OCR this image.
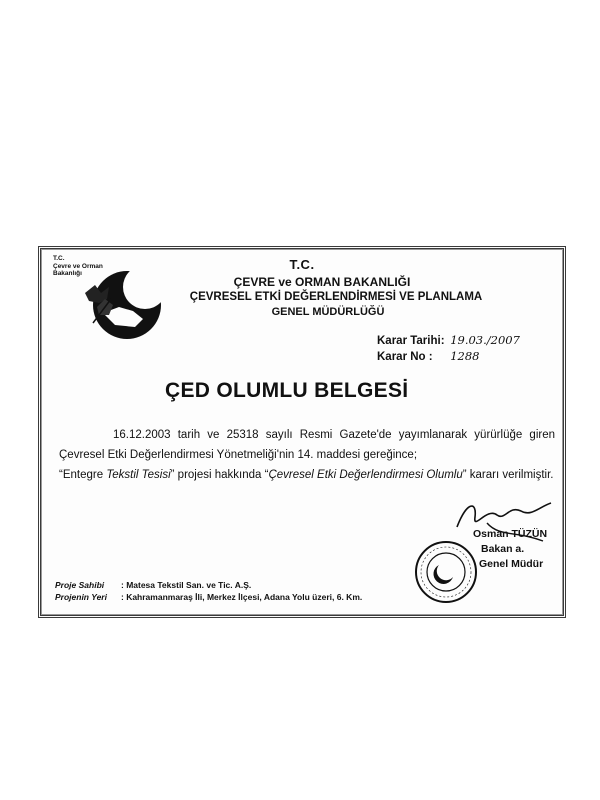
T.C.
Çevre ve Orman
Bakanlığı
T.C.
ÇEVRE ve ORMAN BAKANLIĞI
ÇEVRESEL ETKİ DEĞERLENDİRMESİ VE PLANLAMA
GENEL MÜDÜRLÜĞÜ
Karar Tarihi: 19.03./2007
Karar No : 1288
ÇED OLUMLU BELGESİ
16.12.2003 tarih ve 25318 sayılı Resmi Gazete'de yayımlanarak yürürlüğe giren Çevresel Etki Değerlendirmesi Yönetmeliği'nin 14. maddesi gereğince;
“Entegre Tekstil Tesisi” projesi hakkında “Çevresel Etki Değerlendirmesi Olumlu” kararı verilmiştir.
Osman TÜZÜN
Bakan a.
Genel Müdür
Proje Sahibi : Matesa Tekstil San. ve Tic. A.Ş.
Projenin Yeri : Kahramanmaraş İli, Merkez İlçesi, Adana Yolu üzeri, 6. Km.
